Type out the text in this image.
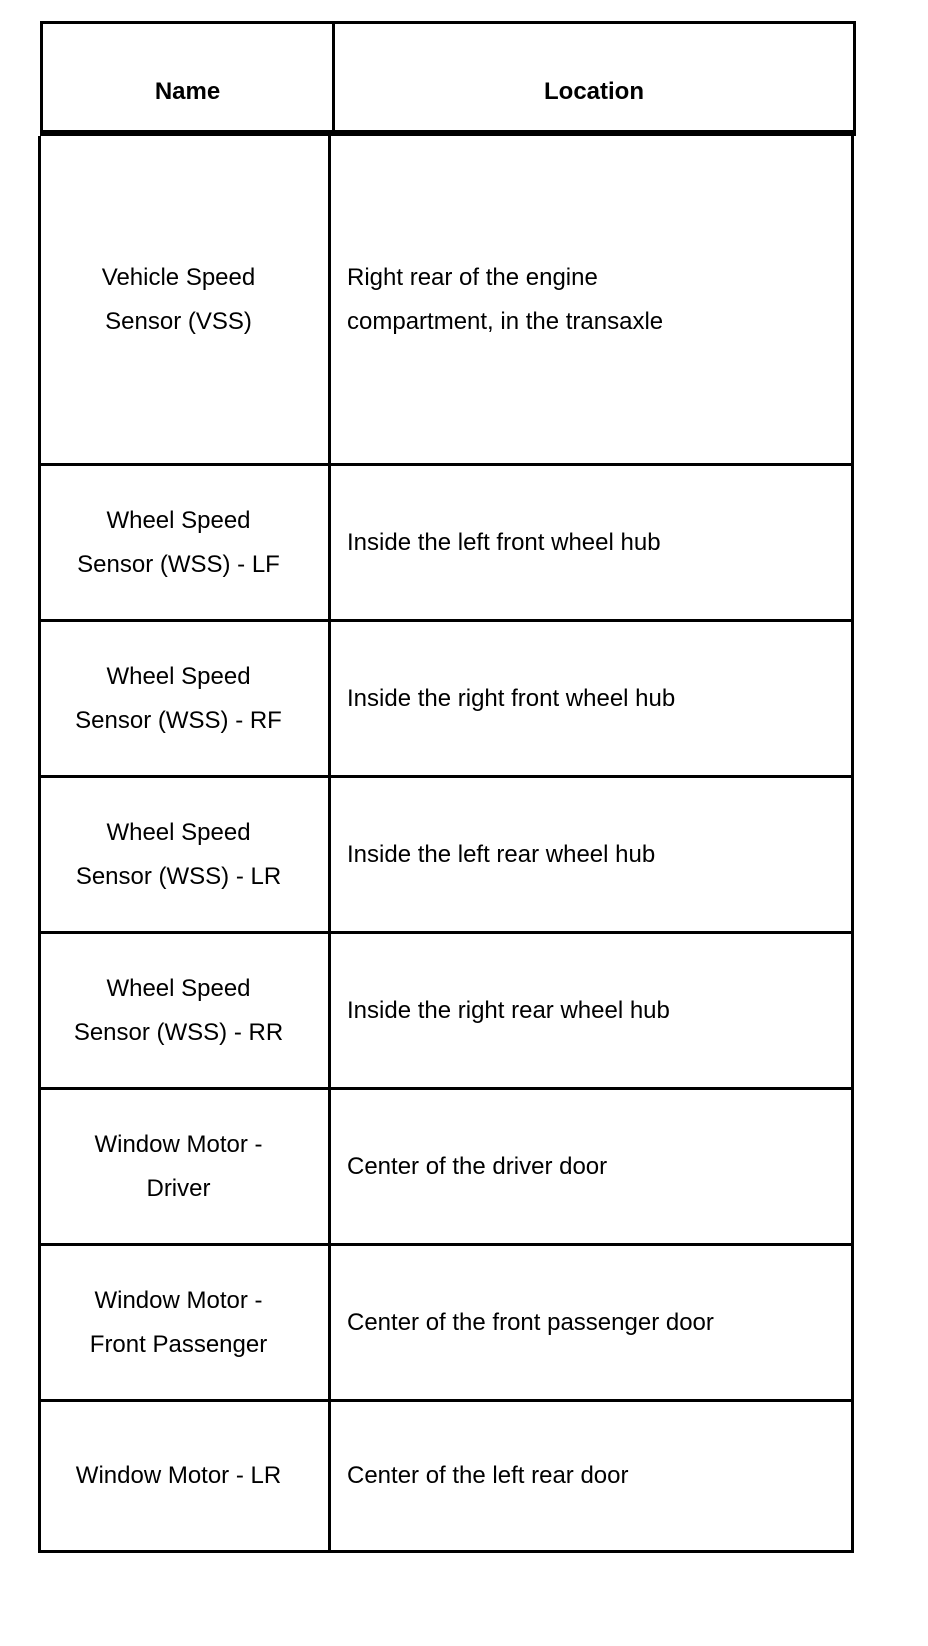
Name	Location
Vehicle Speed
Sensor (VSS)
Right rear of the engine
compartment, in the transaxle
Wheel Speed
Sensor (WSS) - LF
Inside the left front wheel hub
Wheel Speed
Sensor (WSS) - RF
Inside the right front wheel hub
Wheel Speed
Sensor (WSS) - LR
Inside the left rear wheel hub
Wheel Speed
Sensor (WSS) - RR
Inside the right rear wheel hub
Window Motor -
Driver
Center of the driver door
Window Motor -
Front Passenger
Center of the front passenger door
Window Motor - LR	Center of the left rear door
